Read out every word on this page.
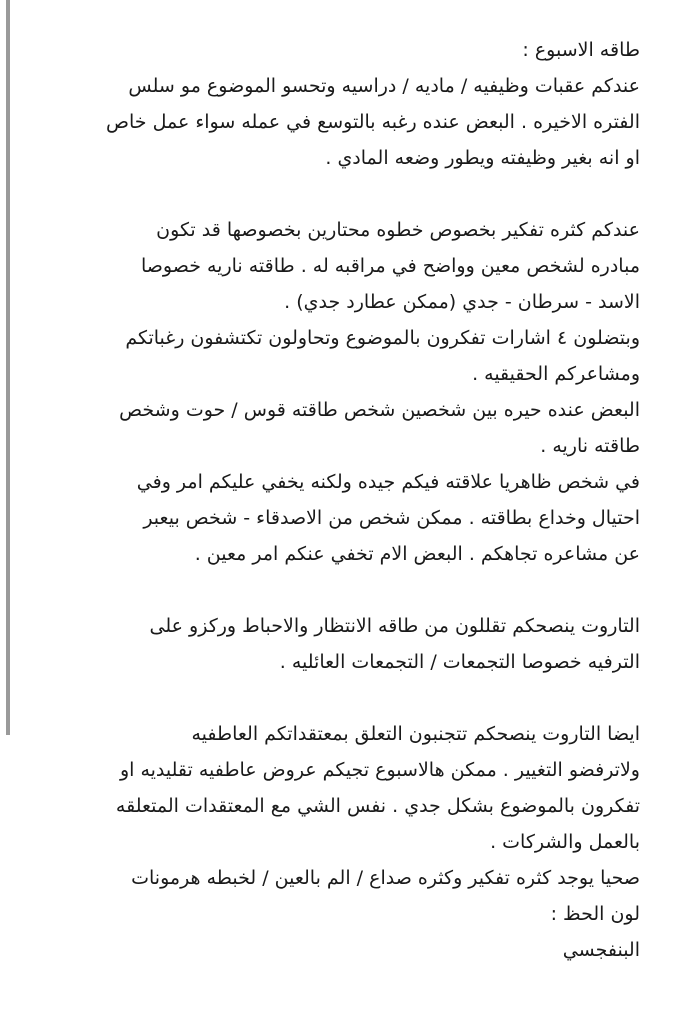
طاقه الاسبوع :
عندكم عقبات وظيفيه / ماديه / دراسيه وتحسو الموضوع مو سلس
الفتره الاخيره . البعض عنده رغبه بالتوسع في عمله سواء عمل خاص
او انه بغير وظيفته ويطور وضعه المادي .
عندكم كثره تفكير بخصوص خطوه محتارين بخصوصها قد تكون
مبادره لشخص معين وواضح في مراقبه له . طاقته ناريه خصوصا
الاسد - سرطان - جدي (ممكن عطارد جدي) .
وبتضلون ٤ اشارات تفكرون بالموضوع وتحاولون تكتشفون رغباتكم
ومشاعركم الحقيقيه .
البعض عنده حيره بين شخصين شخص طاقته قوس / حوت وشخص
طاقته ناريه .
في شخص ظاهريا علاقته فيكم جيده ولكنه يخفي عليكم امر وفي
احتيال وخداع بطاقته . ممكن شخص من الاصدقاء - شخص بيعبر
عن مشاعره تجاهكم . البعض الام تخفي عنكم امر معين .
التاروت ينصحكم تقللون من طاقه الانتظار والاحباط وركزو على
الترفيه خصوصا التجمعات / التجمعات العائليه .
ايضا التاروت ينصحكم تتجنبون التعلق بمعتقداتكم العاطفيه
ولاترفضو التغيير . ممكن هالاسبوع تجيكم عروض عاطفيه تقليديه او
تفكرون بالموضوع بشكل جدي . نفس الشي مع المعتقدات المتعلقه
بالعمل والشركات .
صحيا يوجد كثره تفكير وكثره صداع / الم بالعين / لخبطه هرمونات
لون الحظ :
البنفجسي
